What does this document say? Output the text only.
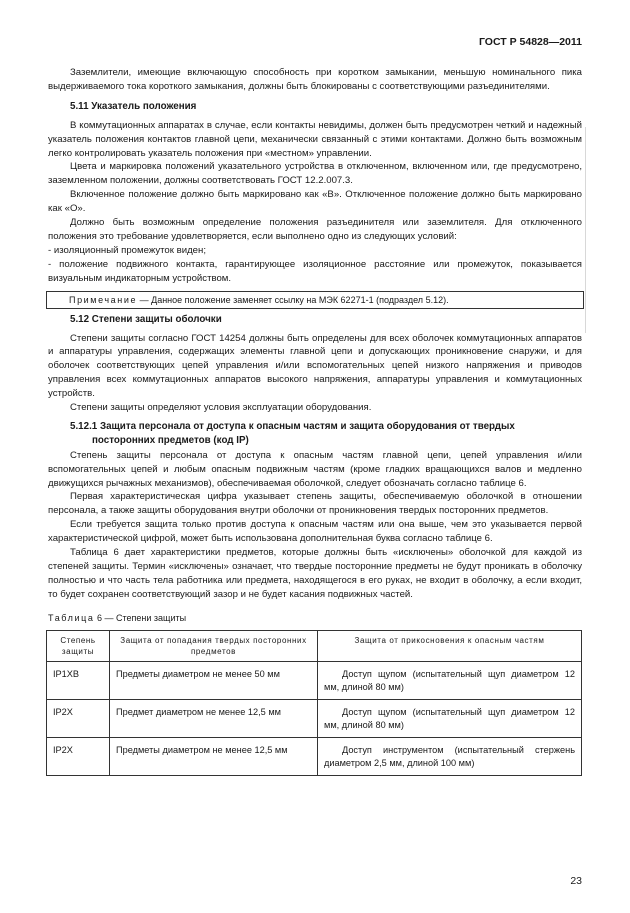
ГОСТ Р 54828—2011

Заземлители, имеющие включающую способность при коротком замыкании, меньшую номинального пика выдерживаемого тока короткого замыкания, должны быть блокированы с соответствующими разъединителями.

5.11 Указатель положения

В коммутационных аппаратах в случае, если контакты невидимы, должен быть предусмотрен четкий и надежный указатель положения контактов главной цепи, механически связанный с этими контактами. Должно быть возможным легко контролировать указатель положения при «местном» управлении.

Цвета и маркировка положений указательного устройства в отключенном, включенном или, где предусмотрено, заземленном положении, должны соответствовать ГОСТ 12.2.007.3.

Включенное положение должно быть маркировано как «В». Отключенное положение должно быть маркировано как «О».

Должно быть возможным определение положения разъединителя или заземлителя. Для отключенного положения это требование удовлетворяется, если выполнено одно из следующих условий:

- изоляционный промежуток виден;

- положение подвижного контакта, гарантирующее изоляционное расстояние или промежуток, показывается визуальным индикаторным устройством.

Примечание — Данное положение заменяет ссылку на МЭК 62271-1 (подраздел 5.12).
5.12 Степени защиты оболочки

Степени защиты согласно ГОСТ 14254 должны быть определены для всех оболочек коммутационных аппаратов и аппаратуры управления, содержащих элементы главной цепи и допускающих проникновение снаружи, и для оболочек соответствующих цепей управления и/или вспомогательных цепей низкого напряжения и приводов управления всех коммутационных аппаратов высокого напряжения, аппаратуры управления и коммутационных устройств.

Степени защиты определяют условия эксплуатации оборудования.

5.12.1 Защита персонала от доступа к опасным частям и защита оборудования от твердых
посторонних предметов (код IP)

Степень защиты персонала от доступа к опасным частям главной цепи, цепей управления и/или вспомогательных цепей и любым опасным подвижным частям (кроме гладких вращающихся валов и медленно движущихся рычажных механизмов), обеспечиваемая оболочкой, следует обозначать согласно таблице 6.

Первая характеристическая цифра указывает степень защиты, обеспечиваемую оболочкой в отношении персонала, а также защиты оборудования внутри оболочки от проникновения твердых посторонних предметов.

Если требуется защита только против доступа к опасным частям или она выше, чем это указывается первой характеристической цифрой, может быть использована дополнительная буква согласно таблице 6.

Таблица 6 дает характеристики предметов, которые должны быть «исключены» оболочкой для каждой из степеней защиты. Термин «исключены» означает, что твердые посторонние предметы не будут проникать в оболочку полностью и что часть тела работника или предмета, находящегося в его руках, не входит в оболочку, а если входит, то будет сохранен соответствующий зазор и не будет касания подвижных частей.

Таблица 6 — Степени защиты

Степень защиты	Защита от попадания твердых посторонних предметов	Защита от прикосновения к опасным частям
IP1XB	Предметы диаметром не менее 50 мм	Доступ щупом (испытательный щуп диаметром 12 мм, длиной 80 мм)
IP2X	Предмет диаметром не менее 12,5 мм	Доступ щупом (испытательный щуп диаметром 12 мм, длиной 80 мм)
IP2X	Предметы диаметром не менее 12,5 мм	Доступ инструментом (испытательный стержень диаметром 2,5 мм, длиной 100 мм)
23
